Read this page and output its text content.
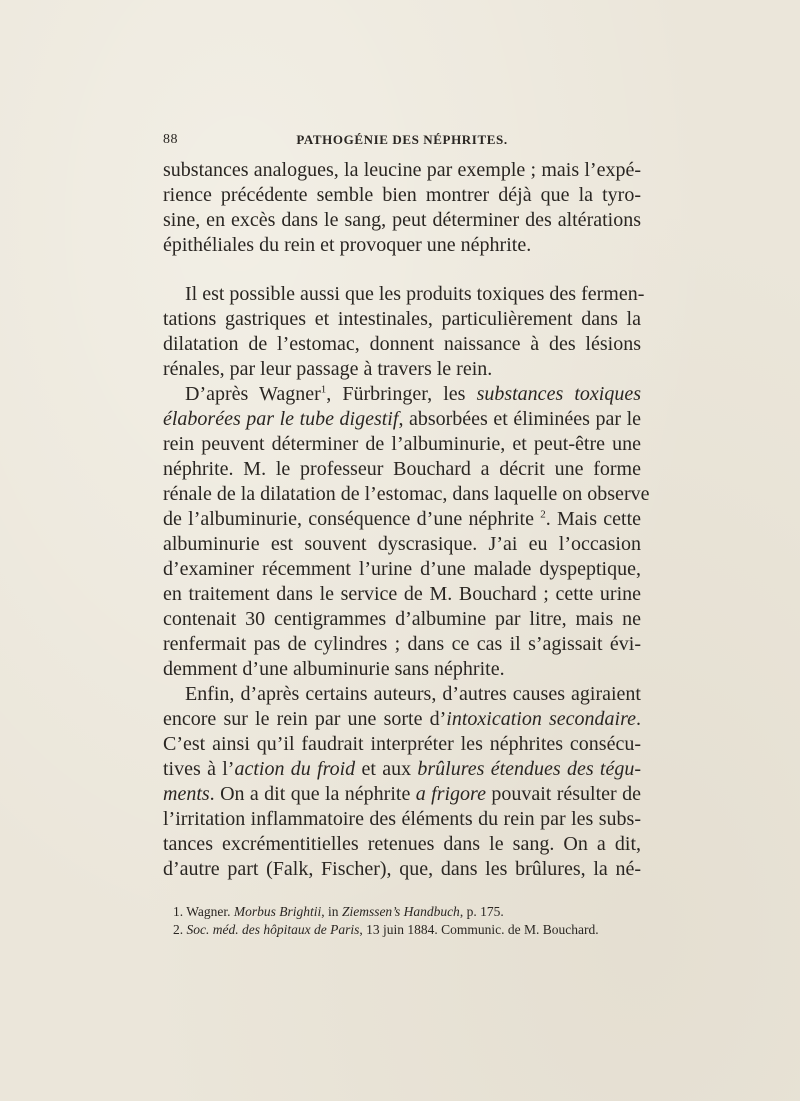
88	PATHOGÉNIE DES NÉPHRITES.
substances analogues, la leucine par exemple ; mais l’expé-
rience précédente semble bien montrer déjà que la tyro-
sine, en excès dans le sang, peut déterminer des altérations
épithéliales du rein et provoquer une néphrite.
Il est possible aussi que les produits toxiques des fermen-
tations gastriques et intestinales, particulièrement dans la
dilatation de l’estomac, donnent naissance à des lésions
rénales, par leur passage à travers le rein.
D’après Wagner$^1$, Fürbringer, les substances toxiques
élaborées par le tube digestif, absorbées et éliminées par le
rein peuvent déterminer de l’albuminurie, et peut-être une
néphrite. M. le professeur Bouchard a décrit une forme
rénale de la dilatation de l’estomac, dans laquelle on observe
de l’albuminurie, conséquence d’une néphrite $^2$. Mais cette
albuminurie est souvent dyscrasique. J’ai eu l’occasion
d’examiner récemment l’urine d’une malade dyspeptique,
en traitement dans le service de M. Bouchard ; cette urine
contenait 30 centigrammes d’albumine par litre, mais ne
renfermait pas de cylindres ; dans ce cas il s’agissait évi-
demment d’une albuminurie sans néphrite.
Enfin, d’après certains auteurs, d’autres causes agiraient
encore sur le rein par une sorte d’intoxication secondaire.
C’est ainsi qu’il faudrait interpréter les néphrites consécu-
tives à l’action du froid et aux brûlures étendues des tégu-
ments. On a dit que la néphrite a frigore pouvait résulter de
l’irritation inflammatoire des éléments du rein par les subs-
tances excrémentitielles retenues dans le sang. On a dit,
d’autre part (Falk, Fischer), que, dans les brûlures, la né-
1. Wagner. Morbus Brightii, in Ziemssen’s Handbuch, p. 175.
2. Soc. méd. des hôpitaux de Paris, 13 juin 1884. Communic. de M. Bouchard.
